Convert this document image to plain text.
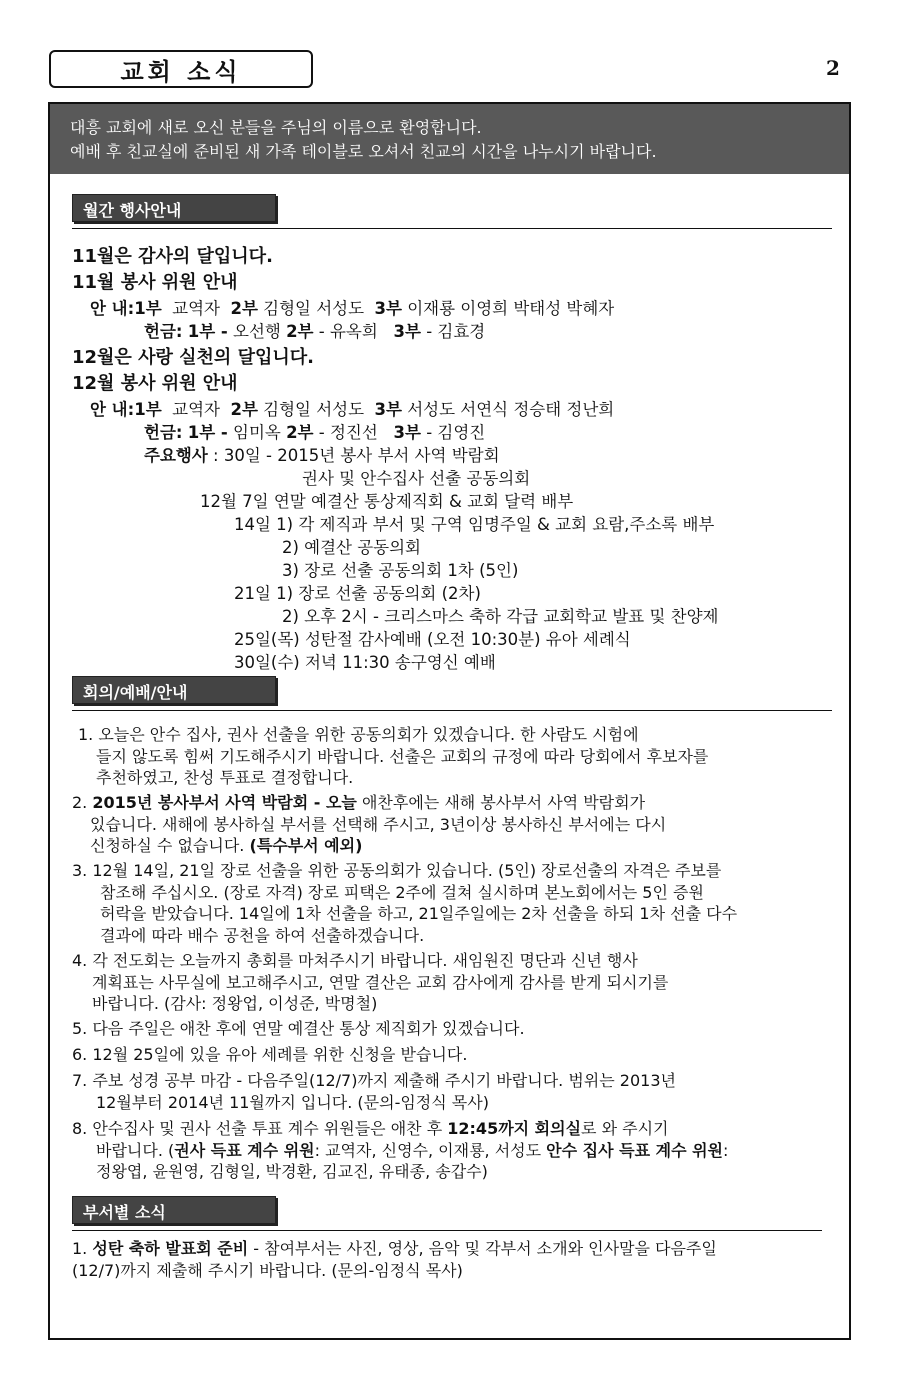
교회 소식	2
대흥 교회에 새로 오신 분들을 주님의 이름으로 환영합니다.
예배 후 친교실에 준비된 새 가족 테이블로 오셔서 친교의 시간을 나누시기 바랍니다.
월간 행사안내
11월은 감사의 달입니다.
11월 봉사 위원 안내
안 내:1부 교역자 2부 김형일 서성도 3부 이재룡 이영희 박태성 박혜자
헌금: 1부 - 오선행 2부 - 유옥희 3부 - 김효경
12월은 사랑 실천의 달입니다.
12월 봉사 위원 안내
안 내:1부 교역자 2부 김형일 서성도 3부 서성도 서연식 정승태 정난희
헌금: 1부 - 임미옥 2부 - 정진선 3부 - 김영진
주요행사 : 30일 - 2015년 봉사 부서 사역 박람회
권사 및 안수집사 선출 공동의회
12월 7일 연말 예결산 통상제직회 & 교회 달력 배부
14일 1) 각 제직과 부서 및 구역 임명주일 & 교회 요람,주소록 배부
2) 예결산 공동의회
3) 장로 선출 공동의회 1차 (5인)
21일 1) 장로 선출 공동의회 (2차)
2) 오후 2시 - 크리스마스 축하 각급 교회학교 발표 및 찬양제
25일(목) 성탄절 감사예배 (오전 10:30분) 유아 세례식
30일(수) 저녁 11:30 송구영신 예배
회의/예배/안내
1. 오늘은 안수 집사, 권사 선출을 위한 공동의회가 있겠습니다. 한 사람도 시험에
들지 않도록 힘써 기도해주시기 바랍니다. 선출은 교회의 규정에 따라 당회에서 후보자를
추천하였고, 찬성 투표로 결정합니다.
2. 2015년 봉사부서 사역 박람회 - 오늘 애찬후에는 새해 봉사부서 사역 박람회가
있습니다. 새해에 봉사하실 부서를 선택해 주시고, 3년이상 봉사하신 부서에는 다시
신청하실 수 없습니다. (특수부서 예외)
3. 12월 14일, 21일 장로 선출을 위한 공동의회가 있습니다. (5인) 장로선출의 자격은 주보를
참조해 주십시오. (장로 자격) 장로 피택은 2주에 걸쳐 실시하며 본노회에서는 5인 증원
허락을 받았습니다. 14일에 1차 선출을 하고, 21일주일에는 2차 선출을 하되 1차 선출 다수
결과에 따라 배수 공천을 하여 선출하겠습니다.
4. 각 전도회는 오늘까지 총회를 마쳐주시기 바랍니다. 새임원진 명단과 신년 행사
계획표는 사무실에 보고해주시고, 연말 결산은 교회 감사에게 감사를 받게 되시기를
바랍니다. (감사: 정왕업, 이성준, 박명철)
5. 다음 주일은 애찬 후에 연말 예결산 통상 제직회가 있겠습니다.
6. 12월 25일에 있을 유아 세례를 위한 신청을 받습니다.
7. 주보 성경 공부 마감 - 다음주일(12/7)까지 제출해 주시기 바랍니다. 범위는 2013년
12월부터 2014년 11월까지 입니다. (문의-임정식 목사)
8. 안수집사 및 권사 선출 투표 계수 위원들은 애찬 후 12:45까지 회의실로 와 주시기
바랍니다. (권사 득표 계수 위원: 교역자, 신영수, 이재룡, 서성도 안수 집사 득표 계수 위원:
정왕엽, 윤원영, 김형일, 박경환, 김교진, 유태종, 송갑수)
부서별 소식
1. 성탄 축하 발표회 준비 - 참여부서는 사진, 영상, 음악 및 각부서 소개와 인사말을 다음주일
(12/7)까지 제출해 주시기 바랍니다. (문의-임정식 목사)
